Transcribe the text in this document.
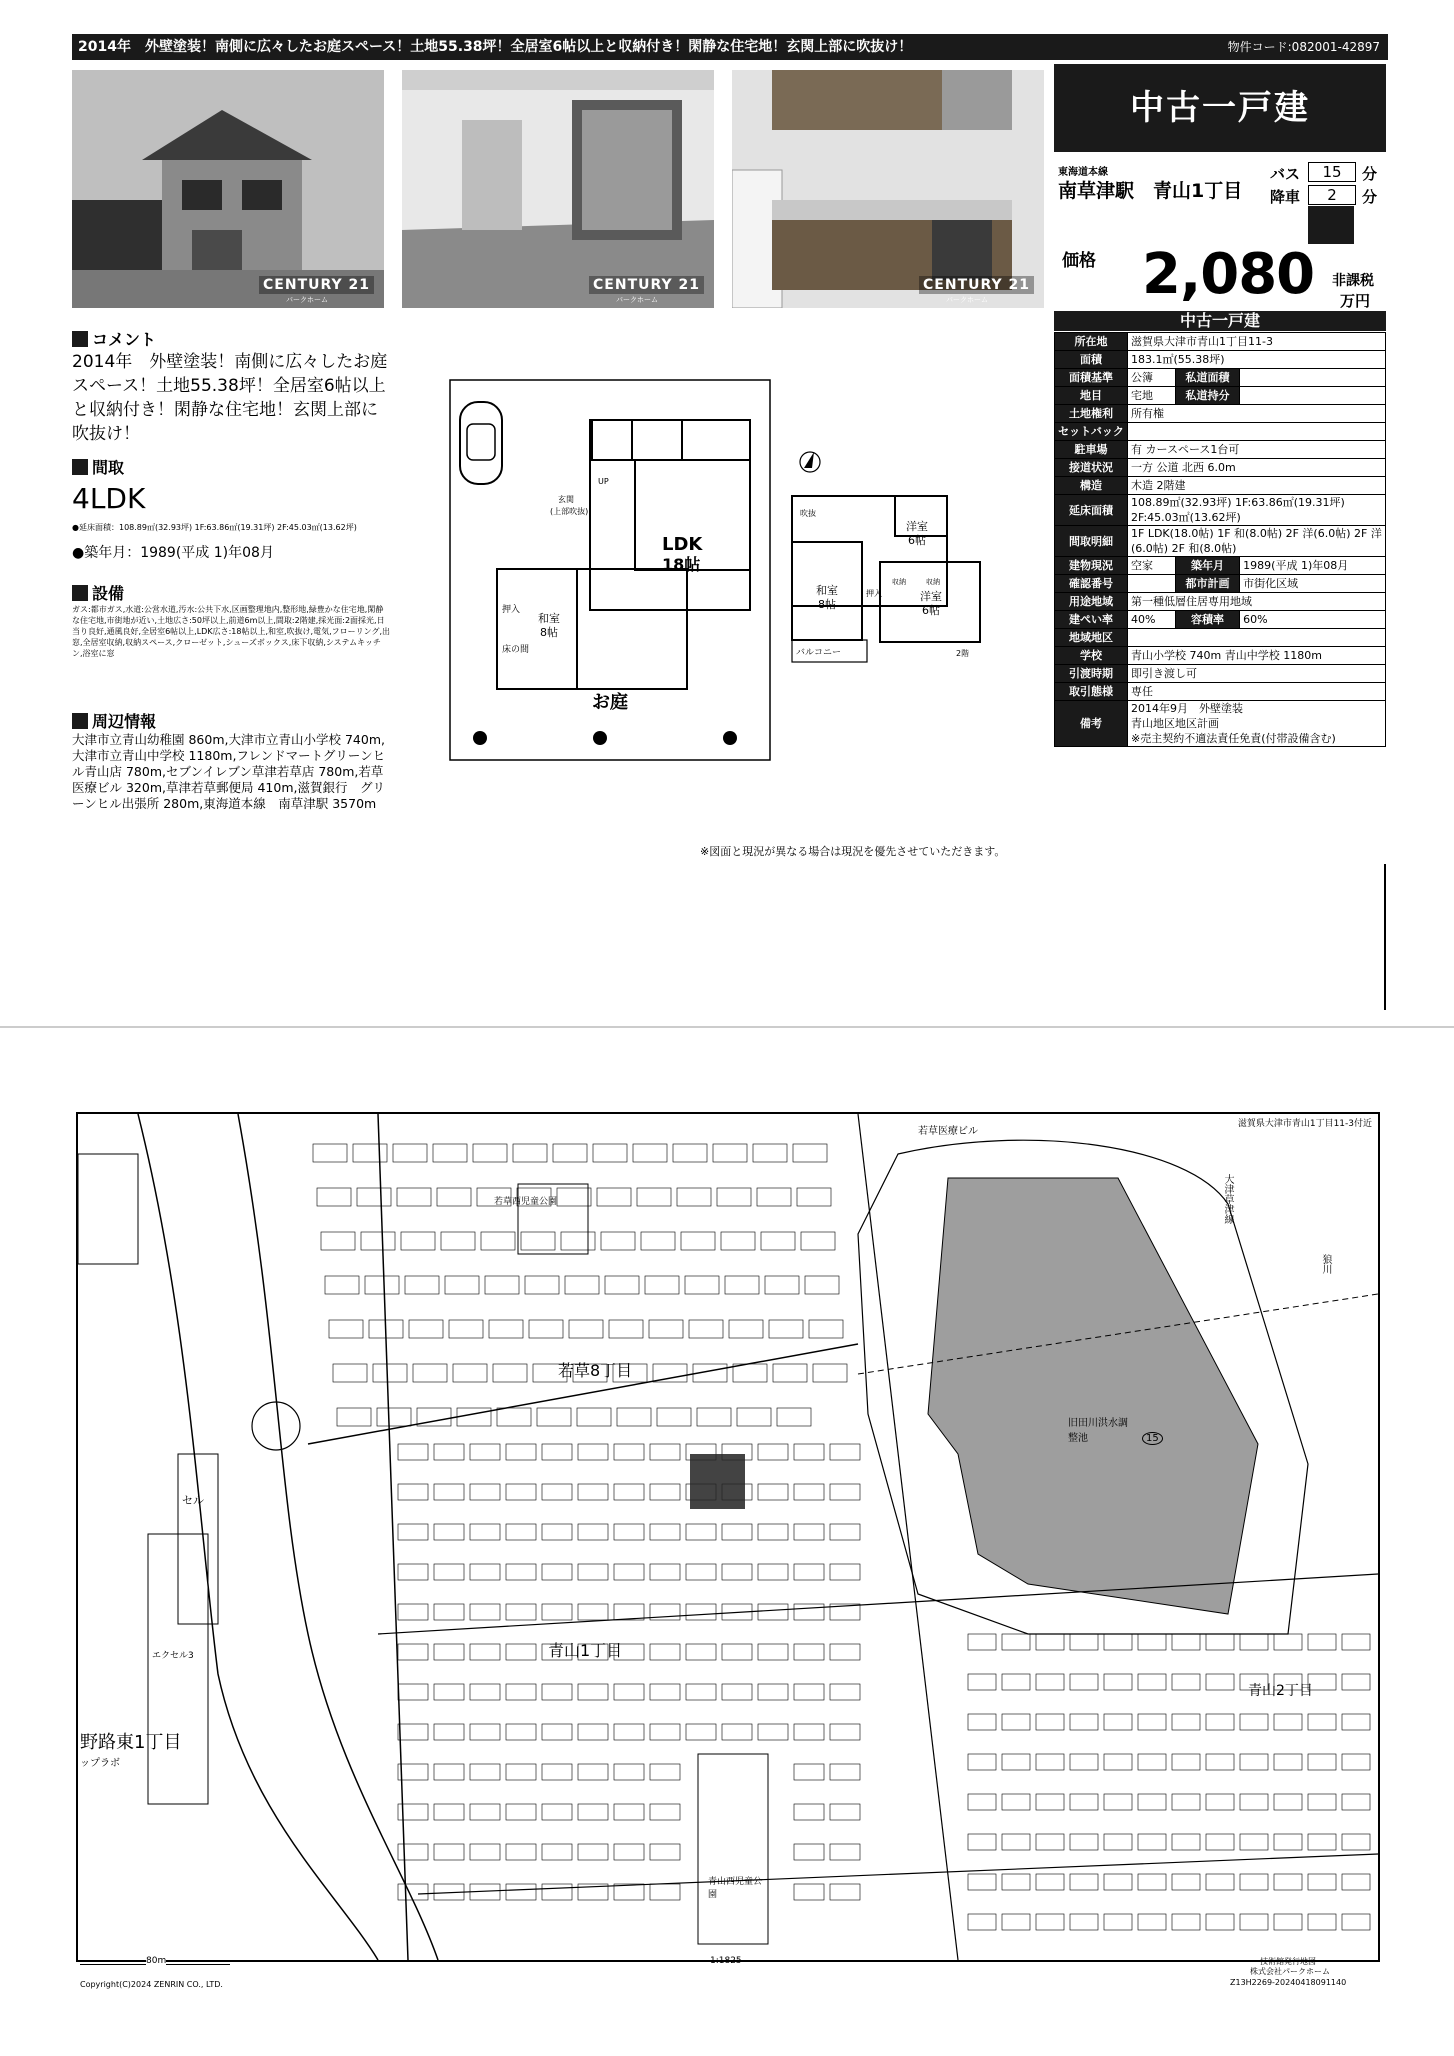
2014年　外壁塗装！南側に広々したお庭スペース！土地55.38坪！全居室6帖以上と収納付き！閑静な住宅地！玄関上部に吹抜け！	物件コード:082001-42897
CENTURY 21
パークホーム
CENTURY 21
パークホーム
CENTURY 21
パークホーム
中古一戸建
東海道本線
南草津駅　青山1丁目
バス	15	分
降車	2	分
価格 2,080 非課税
万円
中古一戸建
所在地	滋賀県大津市青山1丁目11-3		
面積	183.1㎡(55.38坪)		
面積基準	公簿	私道面積	
地目	宅地	私道持分	
土地権利	所有権		
セットバック			
駐車場	有 カースペース1台可		
接道状況	一方 公道 北西 6.0m		
構造	木造 2階建		
延床面積	108.89㎡(32.93坪) 1F:63.86㎡(19.31坪) 2F:45.03㎡(13.62坪)		
間取明細	1F LDK(18.0帖) 1F 和(8.0帖) 2F 洋(6.0帖) 2F 洋(6.0帖) 2F 和(8.0帖)		
建物現況	空家	築年月	1989(平成 1)年08月
確認番号		都市計画	市街化区域
用途地域	第一種低層住居専用地域		
建ぺい率	40%	容積率	60%
地域地区			
学校	青山小学校 740m 青山中学校 1180m		
引渡時期	即引き渡し可		
取引態様	専任		
備考	2014年9月　外壁塗装
青山地区地区計画
※売主契約不適法責任免責(付帯設備含む)		
コメント
2014年　外壁塗装！南側に広々したお庭スペース！土地55.38坪！全居室6帖以上と収納付き！閑静な住宅地！玄関上部に吹抜け！
間取
4LDK
●延床面積：108.89㎡(32.93坪) 1F:63.86㎡(19.31坪) 2F:45.03㎡(13.62坪)
●築年月：1989(平成 1)年08月
設備
ガス:都市ガス,水道:公営水道,汚水:公共下水,区画整理地内,整形地,緑豊かな住宅地,閑静な住宅地,市街地が近い,土地広さ:50坪以上,前道6m以上,間取:2階建,採光面:2面採光,日当り良好,通風良好,全居室6帖以上,LDK広さ:18帖以上,和室,吹抜け,電気,フローリング,出窓,全居室収納,収納スペース,クローゼット,シューズボックス,床下収納,システムキッチン,浴室に窓
周辺情報
大津市立青山幼稚園 860m,大津市立青山小学校 740m,大津市立青山中学校 1180m,フレンドマートグリーンヒル青山店 780m,セブンイレブン草津若草店 780m,若草医療ビル 320m,草津若草郵便局 410m,滋賀銀行　グリーンヒル出張所 280m,東海道本線　南草津駅 3570m
LDK
18帖
和室
8帖
押入
床の間
玄関
(上部吹抜)
UP
お庭
吹抜
洋室
6帖
洋室
6帖
和室
8帖
収納	収納
押入
バルコニー	2階
※図面と現況が異なる場合は現況を優先させていただきます。
滋賀県大津市青山1丁目11-3付近
旧田川洪水調整池	15
セル
エクセル3
野路東1丁目
ップラボ
若草8丁目
若草西児童公園
青山西児童公園
若草医療ビル
青山2丁目
青山1丁目
狼川
大津草津線
80m	1:1825
Copyright(C)2024 ZENRIN CO., LTD.
技術館発行地図
株式会社パークホーム
Z13H2269-20240418091140
